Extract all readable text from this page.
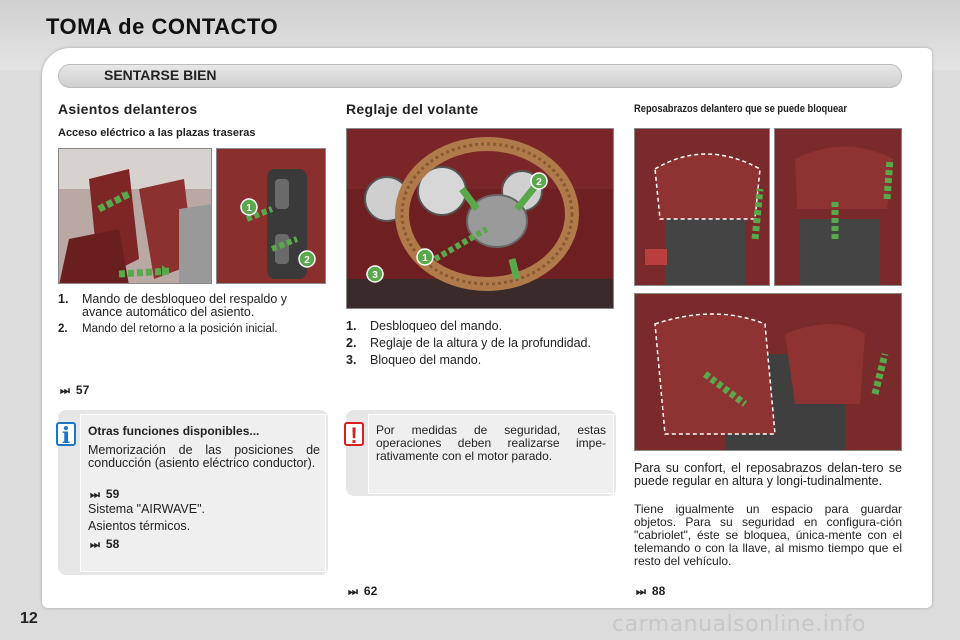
TOMA de CONTACTO
SENTARSE BIEN
Asientos delanteros
Acceso eléctrico a las plazas traseras
1
2
1. Mando de desbloqueo del respaldo y avance automático del asiento.
2. Mando del retorno a la posición inicial.
⏭ 57
i	Otras funciones disponibles...
Memorización de las posiciones de conducción (asiento eléctrico conductor).
⏭ 59
Sistema "AIRWAVE".
Asientos térmicos.
⏭ 58
Reglaje del volante
2
1
3
1. Desbloqueo del mando.
2. Reglaje de la altura y de la profundidad.
3. Bloqueo del mando.
!	Por medidas de seguridad, estas operaciones deben realizarse impe-rativamente con el motor parado.
⏭ 62
Reposabrazos delantero que se puede bloquear
Para su confort, el reposabrazos delan-tero se puede regular en altura y longi-tudinalmente.
Tiene igualmente un espacio para guardar objetos. Para su seguridad en configura-ción "cabriolet", éste se bloquea, única-mente con el telemando o con la llave, al mismo tiempo que el resto del vehículo.
⏭ 88
12	carmanualsonline.info
